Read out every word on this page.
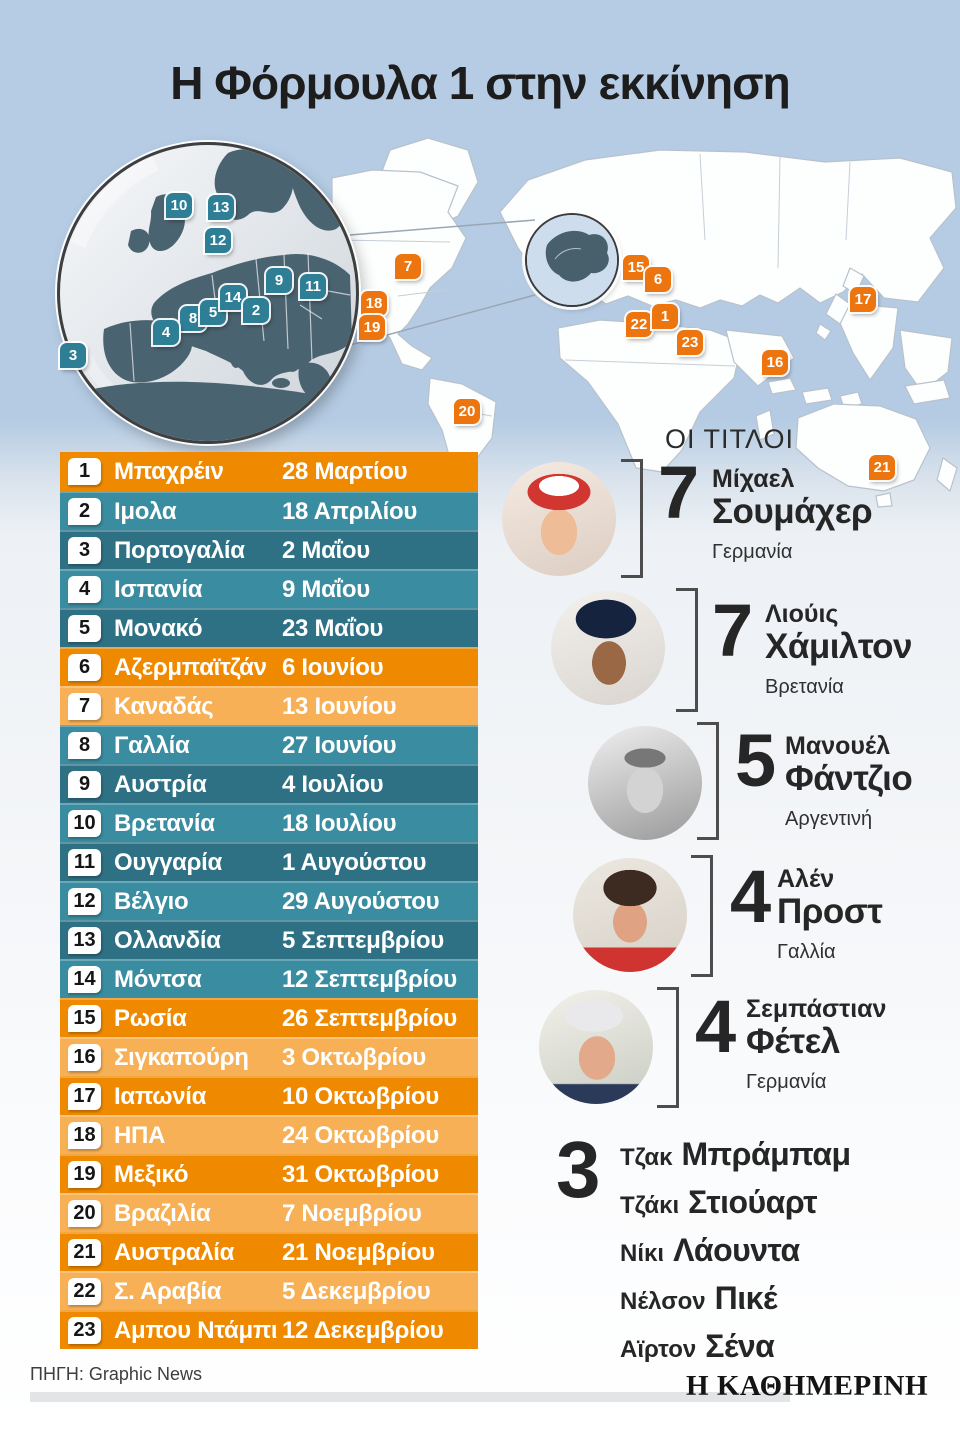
Η Φόρμουλα 1 στην εκκίνηση
10	13
12
9	11
8 5
14
2
4
3
7
18
19
15
6
22 1
23
16
17
20
21
ΟΙ ΤΙΤΛΟΙ
1 Μπαχρέιν	28 Μαρτίου
2 Ιμολα	18 Απριλίου
3 Πορτογαλία	2 Μαΐου
4 Ισπανία	9 Μαΐου
5 Μονακό	23 Μαΐου
6 Αζερμπαϊτζάν 6 Ιουνίου
7 Καναδάς	13 Ιουνίου
8 Γαλλία	27 Ιουνίου
9 Αυστρία	4 Ιουλίου
10 Βρετανία	18 Ιουλίου
11 Ουγγαρία	1 Αυγούστου
12 Βέλγιο	29 Αυγούστου
13 Ολλανδία	5 Σεπτεμβρίου
14 Μόντσα	12 Σεπτεμβρίου
15 Ρωσία	26 Σεπτεμβρίου
16 Σιγκαπούρη	3 Οκτωβρίου
17 Ιαπωνία	10 Οκτωβρίου
18 ΗΠΑ	24 Οκτωβρίου
19 Μεξικό	31 Οκτωβρίου
20 Βραζιλία	7 Νοεμβρίου
21 Αυστραλία	21 Νοεμβρίου
22 Σ. Αραβία	5 Δεκεμβρίου
23 Αμπου Ντάμπι 12 Δεκεμβρίου
7 Μίχαελ
Σουμάχερ
Γερμανία
7 Λιούις
Χάμιλτον
Βρετανία
5 Μανουέλ
Φάντζιο
Αργεντινή
4 Αλέν
Προστ
Γαλλία
4 Σεμπάστιαν
Φέτελ
Γερμανία
3 Τζακ Μπράμπαμ
Τζάκι Στιούαρτ
Νίκι Λάουντα
Νέλσον Πικέ
Αϊρτον Σένα
ΠΗΓΗ: Graphic News	Η ΚΑΘΗΜΕΡΙΝΗ
